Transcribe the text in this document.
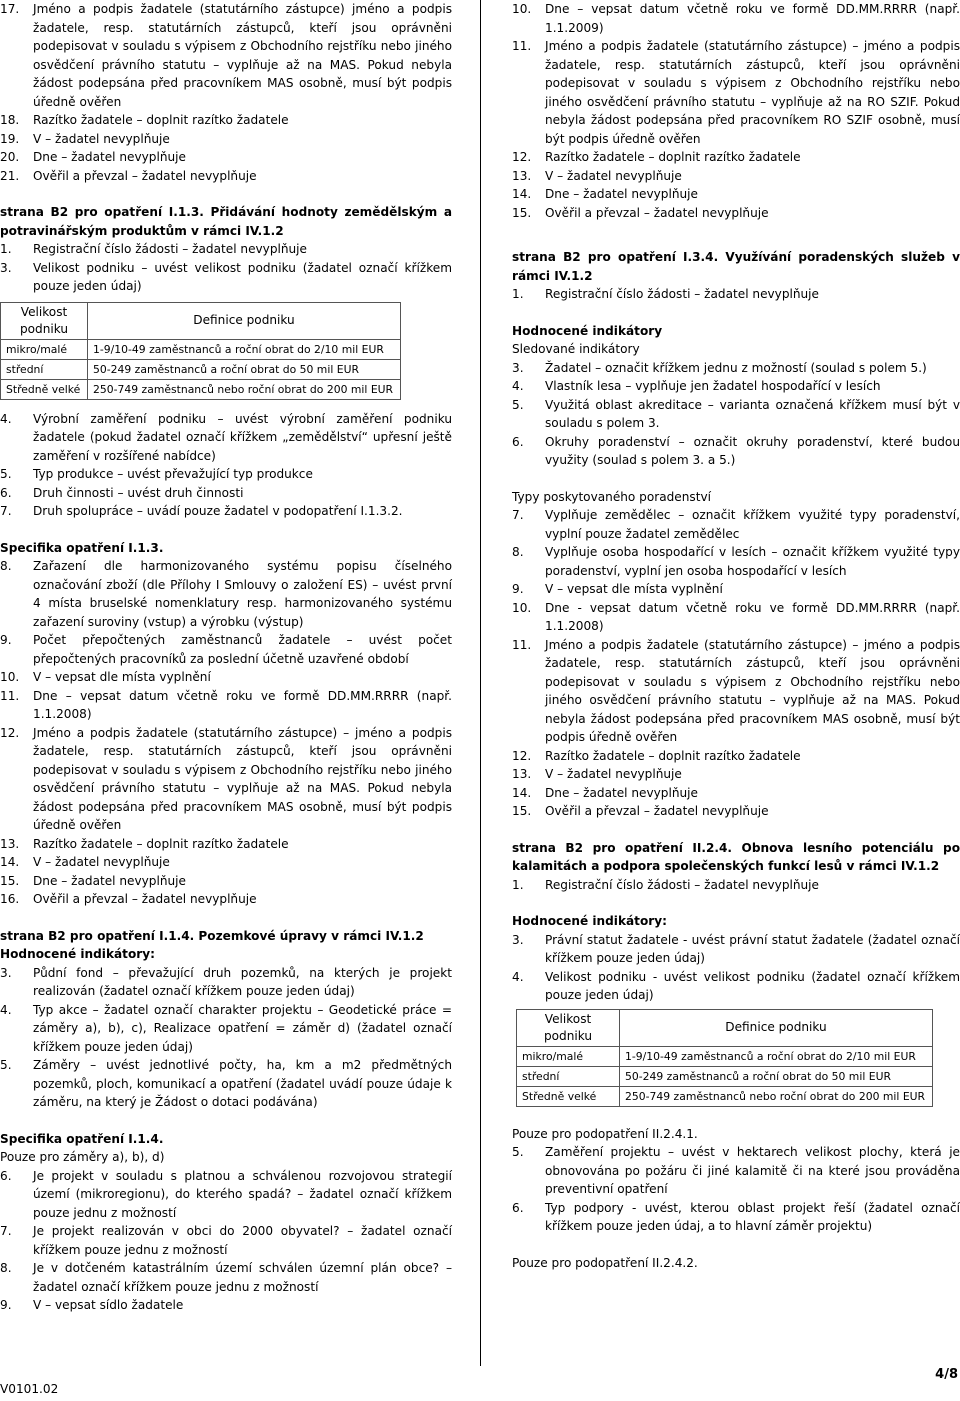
17.	Jméno a podpis žadatele (statutárního zástupce) jméno a podpis žadatele, resp. statutárních zástupců, kteří jsou oprávněni podepisovat v souladu s výpisem z Obchodního rejstříku nebo jiného osvědčení právního statutu – vyplňuje až na MAS. Pokud nebyla žádost podepsána před pracovníkem MAS osobně, musí být podpis úředně ověřen
18.	Razítko žadatele – doplnit razítko žadatele
19.	V – žadatel nevyplňuje
20.	Dne – žadatel nevyplňuje
21.	Ověřil a převzal – žadatel nevyplňuje
strana B2 pro opatření I.1.3. Přidávání hodnoty zemědělským a potravinářským produktům v rámci IV.1.2
1.	Registrační číslo žádosti – žadatel nevyplňuje
3.	Velikost podniku – uvést velikost podniku (žadatel označí křížkem pouze jeden údaj)
Velikost podniku	Definice podniku
mikro/malé	1-9/10-49 zaměstnanců a roční obrat do 2/10 mil EUR
střední	50-249 zaměstnanců a roční obrat do 50 mil EUR
Středně velké	250-749 zaměstnanců nebo roční obrat do 200 mil EUR
4.	Výrobní zaměření podniku – uvést výrobní zaměření podniku žadatele (pokud žadatel označí křížkem „zemědělství“ upřesní ještě zaměření v rozšířené nabídce)
5.	Typ produkce – uvést převažující typ produkce
6.	Druh činnosti – uvést druh činnosti
7.	Druh spolupráce – uvádí pouze žadatel v podopatření I.1.3.2.
Specifika opatření I.1.3.
8.	Zařazení dle harmonizovaného systému popisu číselného označování zboží (dle Přílohy I Smlouvy o založení ES) – uvést první 4 místa bruselské nomenklatury resp. harmonizovaného systému zařazení suroviny (vstup) a výrobku (výstup)
9.	Počet přepočtených zaměstnanců žadatele – uvést počet přepočtených pracovníků za poslední účetně uzavřené období
10.	V – vepsat dle místa vyplnění
11.	Dne – vepsat datum včetně roku ve formě DD.MM.RRRR (např. 1.1.2008)
12.	Jméno a podpis žadatele (statutárního zástupce) – jméno a podpis žadatele, resp. statutárních zástupců, kteří jsou oprávněni podepisovat v souladu s výpisem z Obchodního rejstříku nebo jiného osvědčení právního statutu – vyplňuje až na MAS. Pokud nebyla žádost podepsána před pracovníkem MAS osobně, musí být podpis úředně ověřen
13.	Razítko žadatele – doplnit razítko žadatele
14.	V – žadatel nevyplňuje
15.	Dne – žadatel nevyplňuje
16.	Ověřil a převzal – žadatel nevyplňuje
strana B2 pro opatření I.1.4. Pozemkové úpravy v rámci IV.1.2
Hodnocené indikátory:
3.	Půdní fond – převažující druh pozemků, na kterých je projekt realizován (žadatel označí křížkem pouze jeden údaj)
4.	Typ akce – žadatel označí charakter projektu – Geodetické práce = záměry a), b), c), Realizace opatření = záměr d) (žadatel označí křížkem pouze jeden údaj)
5.	Záměry – uvést jednotlivé počty, ha, km a m2 předmětných pozemků, ploch, komunikací a opatření (žadatel uvádí pouze údaje k záměru, na který je Žádost o dotaci podávána)
Specifika opatření I.1.4.

Pouze pro záměry a), b), d)

6.	Je projekt v souladu s platnou a schválenou rozvojovou strategií území (mikroregionu), do kterého spadá? – žadatel označí křížkem pouze jednu z možností
7.	Je projekt realizován v obci do 2000 obyvatel? – žadatel označí křížkem pouze jednu z možností
8.	Je v dotčeném katastrálním území schválen územní plán obce? – žadatel označí křížkem pouze jednu z možností
9.	V – vepsat sídlo žadatele
10.	Dne – vepsat datum včetně roku ve formě DD.MM.RRRR (např. 1.1.2009)
11.	Jméno a podpis žadatele (statutárního zástupce) – jméno a podpis žadatele, resp. statutárních zástupců, kteří jsou oprávněni podepisovat v souladu s výpisem z Obchodního rejstříku nebo jiného osvědčení právního statutu – vyplňuje až na RO SZIF. Pokud nebyla žádost podepsána před pracovníkem RO SZIF osobně, musí být podpis úředně ověřen
12.	Razítko žadatele – doplnit razítko žadatele
13.	V – žadatel nevyplňuje
14.	Dne – žadatel nevyplňuje
15.	Ověřil a převzal – žadatel nevyplňuje
strana B2 pro opatření I.3.4. Využívání poradenských služeb v rámci IV.1.2
1.	Registrační číslo žádosti – žadatel nevyplňuje
Hodnocené indikátory

Sledované indikátory

3.	Žadatel – označit křížkem jednu z možností (soulad s polem 5.)
4.	Vlastník lesa – vyplňuje jen žadatel hospodařící v lesích
5.	Využitá oblast akreditace – varianta označená křížkem musí být v souladu s polem 3.
6.	Okruhy poradenství – označit okruhy poradenství, které budou využity (soulad s polem 3. a 5.)

Typy poskytovaného poradenství

7.	Vyplňuje zemědělec – označit křížkem využité typy poradenství, vyplní pouze žadatel zemědělec
8.	Vyplňuje osoba hospodařící v lesích – označit křížkem využité typy poradenství, vyplní jen osoba hospodařící v lesích
9.	V – vepsat dle místa vyplnění
10.	Dne - vepsat datum včetně roku ve formě DD.MM.RRRR (např. 1.1.2008)
11.	Jméno a podpis žadatele (statutárního zástupce) – jméno a podpis žadatele, resp. statutárních zástupců, kteří jsou oprávněni podepisovat v souladu s výpisem z Obchodního rejstříku nebo jiného osvědčení právního statutu – vyplňuje až na MAS. Pokud nebyla žádost podepsána před pracovníkem MAS osobně, musí být podpis úředně ověřen
12.	Razítko žadatele – doplnit razítko žadatele
13.	V – žadatel nevyplňuje
14.	Dne – žadatel nevyplňuje
15.	Ověřil a převzal – žadatel nevyplňuje
strana B2 pro opatření II.2.4. Obnova lesního potenciálu po kalamitách a podpora společenských funkcí lesů v rámci IV.1.2
1.	Registrační číslo žádosti – žadatel nevyplňuje
Hodnocené indikátory:
3.	Právní statut žadatele - uvést právní statut žadatele (žadatel označí křížkem pouze jeden údaj)
4.	Velikost podniku - uvést velikost podniku (žadatel označí křížkem pouze jeden údaj)
Velikost podniku	Definice podniku
mikro/malé	1-9/10-49 zaměstnanců a roční obrat do 2/10 mil EUR
střední	50-249 zaměstnanců a roční obrat do 50 mil EUR
Středně velké	250-749 zaměstnanců nebo roční obrat do 200 mil EUR

Pouze pro podopatření II.2.4.1.

5.	Zaměření projektu – uvést v hektarech velikost plochy, která je obnovována po požáru či jiné kalamitě či na které jsou prováděna preventivní opatření
6.	Typ podpory - uvést, kterou oblast projekt řeší (žadatel označí křížkem pouze jeden údaj, a to hlavní záměr projektu)

Pouze pro podopatření II.2.4.2.

V0101.02
4/8
